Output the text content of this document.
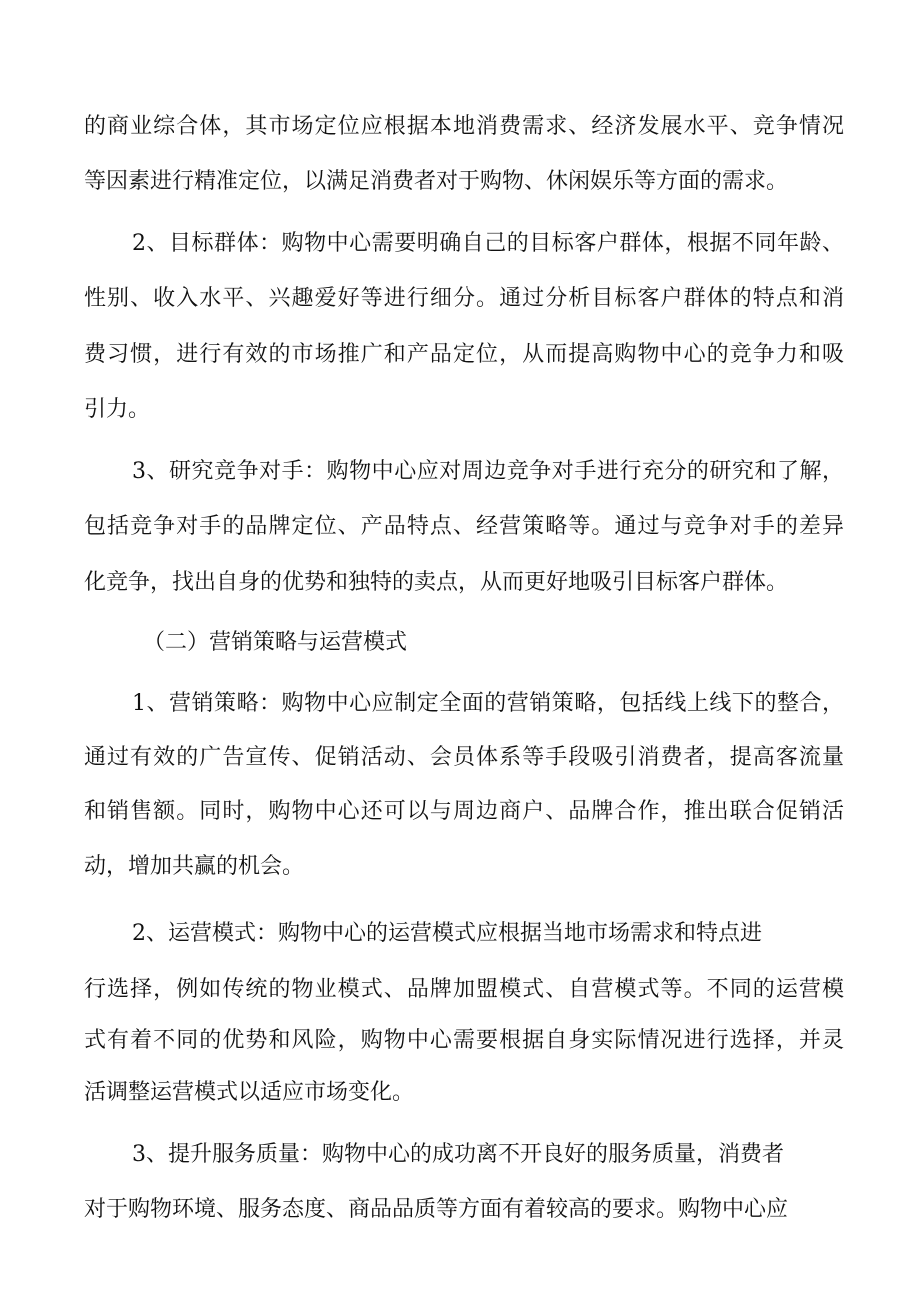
的商业综合体，其市场定位应根据本地消费需求、经济发展水平、竞争情况
等因素进行精准定位，以满足消费者对于购物、休闲娱乐等方面的需求。
2、目标群体：购物中心需要明确自己的目标客户群体，根据不同年龄、
性别、收入水平、兴趣爱好等进行细分。通过分析目标客户群体的特点和消
费习惯，进行有效的市场推广和产品定位，从而提高购物中心的竞争力和吸
引力。
3、研究竞争对手：购物中心应对周边竞争对手进行充分的研究和了解，
包括竞争对手的品牌定位、产品特点、经营策略等。通过与竞争对手的差异
化竞争，找出自身的优势和独特的卖点，从而更好地吸引目标客户群体。
（二）营销策略与运营模式
1、营销策略：购物中心应制定全面的营销策略，包括线上线下的整合，
通过有效的广告宣传、促销活动、会员体系等手段吸引消费者，提高客流量
和销售额。同时，购物中心还可以与周边商户、品牌合作，推出联合促销活
动，增加共赢的机会。
2、运营模式：购物中心的运营模式应根据当地市场需求和特点进
行选择，例如传统的物业模式、品牌加盟模式、自营模式等。不同的运营模
式有着不同的优势和风险，购物中心需要根据自身实际情况进行选择，并灵
活调整运营模式以适应市场变化。
3、提升服务质量：购物中心的成功离不开良好的服务质量，消费者
对于购物环境、服务态度、商品品质等方面有着较高的要求。购物中心应
